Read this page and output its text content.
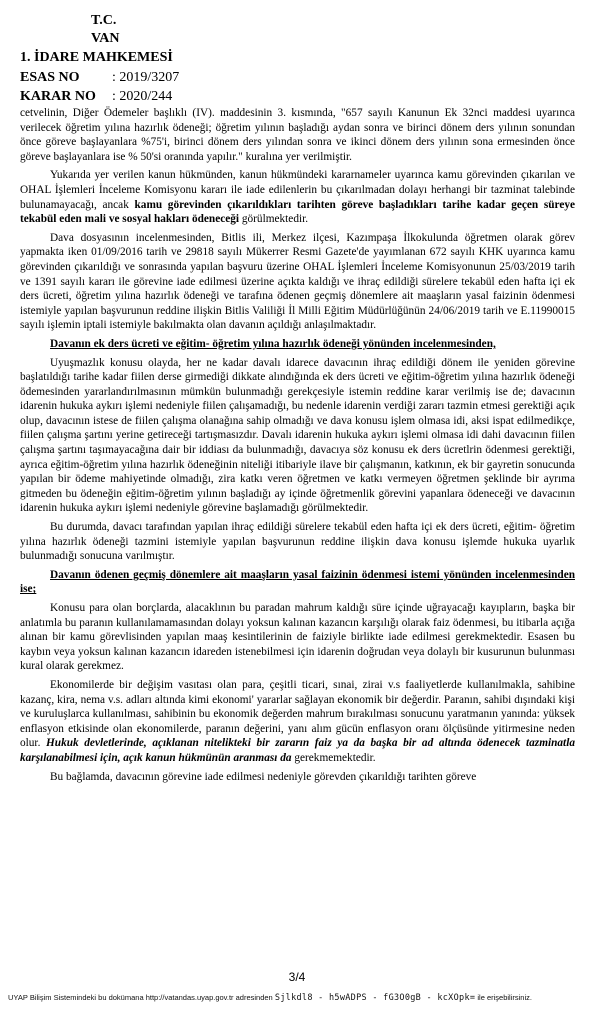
T.C.
VAN
1. İDARE MAHKEMESİ
ESAS NO : 2019/3207
KARAR NO : 2020/244

cetvelinin, Diğer Ödemeler başlıklı (IV). maddesinin 3. kısmında, "657 sayılı Kanunun Ek 32nci maddesi uyarınca verilecek öğretim yılına hazırlık ödeneği; öğretim yılının başladığı aydan sonra ve birinci dönem ders yılının sonundan önce göreve başlayanlara %75'i, birinci dönem ders yılından sonra ve ikinci dönem ders yılının sona ermesinden önce göreve başlayanlara ise % 50'si oranında yapılır." kuralına yer verilmiştir.

Yukarıda yer verilen kanun hükmünden, kanun hükmündeki kararnameler uyarınca kamu görevinden çıkarılan ve OHAL İşlemleri İnceleme Komisyonu kararı ile iade edilenlerin bu çıkarılmadan dolayı herhangi bir tazminat talebinde bulunamayacağı, ancak kamu görevinden çıkarıldıkları tarihten göreve başladıkları tarihe kadar geçen süreye tekabül eden mali ve sosyal hakları ödeneceği görülmektedir.

Dava dosyasının incelenmesinden, Bitlis ili, Merkez ilçesi, Kazımpaşa İlkokulunda öğretmen olarak görev yapmakta iken 01/09/2016 tarih ve 29818 sayılı Mükerrer Resmi Gazete'de yayımlanan 672 sayılı KHK uyarınca kamu görevinden çıkarıldığı ve sonrasında yapılan başvuru üzerine OHAL İşlemleri İnceleme Komisyonunun 25/03/2019 tarih ve 1391 sayılı kararı ile görevine iade edilmesi üzerine açıkta kaldığı ve ihraç edildiği sürelere tekabül eden hafta içi ek ders ücreti, öğretim yılına hazırlık ödeneği ve tarafına ödenen geçmiş dönemlere ait maaşların yasal faizinin ödenmesi istemiyle yapılan başvurunun reddine ilişkin Bitlis Valiliği İl Milli Eğitim Müdürlüğünün 24/06/2019 tarih ve E.11990015 sayılı işlemin iptali istemiyle bakılmakta olan davanın açıldığı anlaşılmaktadır.

Davanın ek ders ücreti ve eğitim- öğretim yılına hazırlık ödeneği yönünden incelenmesinden,

Uyuşmazlık konusu olayda, her ne kadar davalı idarece davacının ihraç edildiği dönem ile yeniden görevine başlatıldığı tarihe kadar fiilen derse girmediği dikkate alındığında ek ders ücreti ve eğitim-öğretim yılına hazırlık ödeneği ödemesinden yararlandırılmasının mümkün bulunmadığı gerekçesiyle istemin reddine karar verilmiş ise de; davacının idarenin hukuka aykırı işlemi nedeniyle fiilen çalışamadığı, bu nedenle idarenin verdiği zararı tazmin etmesi gerektiği açık olup, davacının istese de fiilen çalışma olanağına sahip olmadığı ve dava konusu işlem olmasa idi, aksi ispat edilmedikçe, fiilen çalışma şartını yerine getireceği tartışmasızdır. Davalı idarenin hukuka aykırı işlemi olmasa idi dahi davacının fiilen çalışma şartını taşımayacağına dair bir iddiası da bulunmadığı, davacıya söz konusu ek ders ücretlrin ödenmesi gerektiği, ayrıca eğitim-öğretim yılına hazırlık ödeneğinin niteliği itibariyle ilave bir çalışmanın, katkının, ek bir gayretin sonucunda yapılan bir ödeme mahiyetinde olmadığı, zira katkı veren öğretmen ve katkı vermeyen öğretmen şeklinde bir ayrıma gitmeden bu ödeneğin eğitim-öğretim yılının başladığı ay içinde öğretmenlik görevini yapanlara ödeneceği ve davacının idarenin hukuka aykırı işlemi nedeniyle görevine başlamadığı görülmektedir.

Bu durumda, davacı tarafından yapılan ihraç edildiği sürelere tekabül eden hafta içi ek ders ücreti, eğitim- öğretim yılına hazırlık ödeneği tazmini istemiyle yapılan başvurunun reddine ilişkin dava konusu işlemde hukuka uyarlık bulunmadığı sonucuna varılmıştır.

Davanın ödenen geçmiş dönemlere ait maaşların yasal faizinin ödenmesi istemi yönünden incelenmesinden ise;

Konusu para olan borçlarda, alacaklının bu paradan mahrum kaldığı süre içinde uğrayacağı kayıpların, başka bir anlatımla bu paranın kullanılamamasından dolayı yoksun kalınan kazancın karşılığı olarak faiz ödenmesi, bu itibarla açığa alınan bir kamu görevlisinden yapılan maaş kesintilerinin de faiziyle birlikte iade edilmesi gerekmektedir. Esasen bu kaybın veya yoksun kalınan kazancın idareden istenebilmesi için idarenin doğrudan veya dolaylı bir kusurunun bulunması kural olarak gerekmez.

Ekonomilerde bir değişim vasıtası olan para, çeşitli ticari, sınai, zirai v.s faaliyetlerde kullanılmakla, sahibine kazanç, kira, nema v.s. adları altında kimi ekonomi' yararlar sağlayan ekonomik bir değerdir. Paranın, sahibi dışındaki kişi ve kuruluşlarca kullanılması, sahibinin bu ekonomik değerden mahrum bırakılması sonucunu yaratmanın yanında: yüksek enflasyon etkisinde olan ekonomilerde, paranın değerini, yanı alım gücün enflasyon oranı ölçüsünde yitirmesine neden olur. Hukuk devletlerinde, açıklanan nitelikteki bir zararın faiz ya da başka bir ad altında ödenecek tazminatla karşılanabilmesi için, açık kanun hükmünün aranması da gerekmemektedir.

Bu bağlamda, davacının görevine iade edilmesi nedeniyle görevden çıkarıldığı tarihten göreve

3/4
UYAP Bilişim Sistemindeki bu dokümana http://vatandas.uyap.gov.tr adresinden Sjlkdl8 - h5wADPS - fG3O0gB - kcXOpk= ile erişebilirsiniz.
